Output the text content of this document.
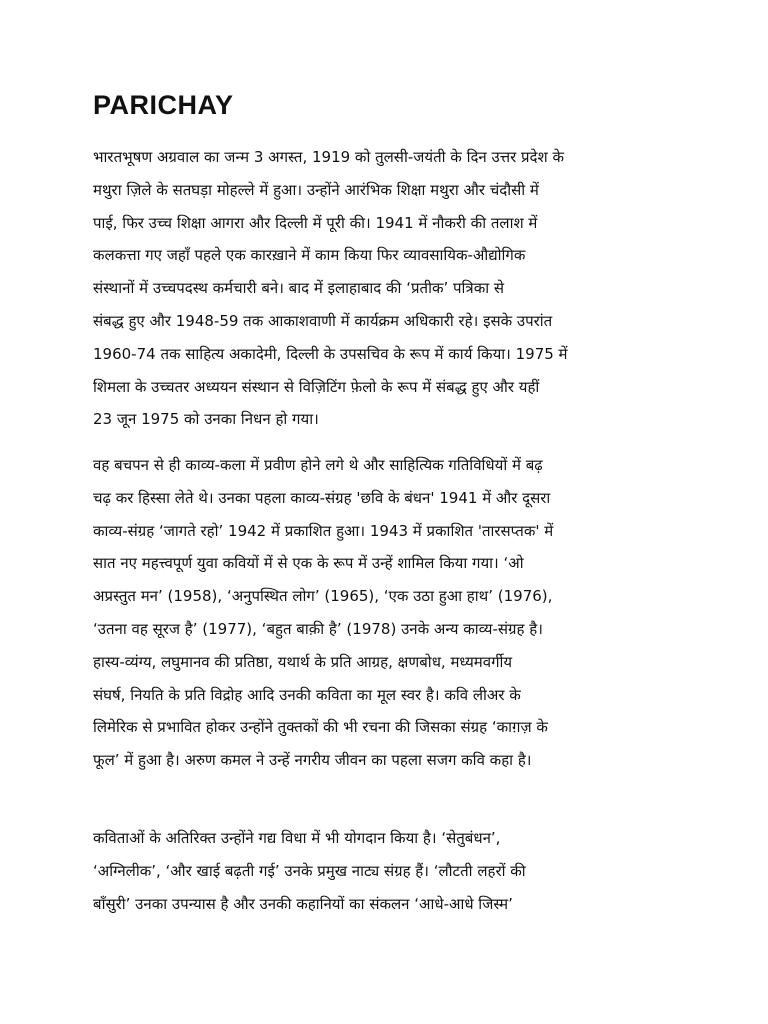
PARICHAY

भारतभूषण अग्रवाल का जन्म 3 अगस्त, 1919 को तुलसी-जयंती के दिन उत्तर प्रदेश के
मथुरा ज़िले के सतघड़ा मोहल्ले में हुआ। उन्होंने आरंभिक शिक्षा मथुरा और चंदौसी में
पाई, फिर उच्च शिक्षा आगरा और दिल्ली में पूरी की। 1941 में नौकरी की तलाश में
कलकत्ता गए जहाँ पहले एक कारख़ाने में काम किया फिर व्यावसायिक-औद्योगिक
संस्थानों में उच्चपदस्थ कर्मचारी बने। बाद में इलाहाबाद की ‘प्रतीक’ पत्रिका से
संबद्ध हुए और 1948-59 तक आकाशवाणी में कार्यक्रम अधिकारी रहे। इसके उपरांत
1960-74 तक साहित्य अकादेमी, दिल्ली के उपसचिव के रूप में कार्य किया। 1975 में
शिमला के उच्चतर अध्ययन संस्थान से विज़िटिंग फ़ेलो के रूप में संबद्ध हुए और यहीं
23 जून 1975 को उनका निधन हो गया।

वह बचपन से ही काव्य-कला में प्रवीण होने लगे थे और साहित्यिक गतिविधियों में बढ़
चढ़ कर हिस्सा लेते थे। उनका पहला काव्य-संग्रह 'छवि के बंधन' 1941 में और दूसरा
काव्य-संग्रह ‘जागते रहो’ 1942 में प्रकाशित हुआ। 1943 में प्रकाशित 'तारसप्तक' में
सात नए महत्त्वपूर्ण युवा कवियों में से एक के रूप में उन्हें शामिल किया गया। ‘ओ
अप्रस्तुत मन’ (1958), ‘अनुपस्थित लोग’ (1965), ‘एक उठा हुआ हाथ’ (1976),
‘उतना वह सूरज है’ (1977), ‘बहुत बाक़ी है’ (1978) उनके अन्य काव्य-संग्रह है।
हास्य-व्यंग्य, लघुमानव की प्रतिष्ठा, यथार्थ के प्रति आग्रह, क्षणबोध, मध्यमवर्गीय
संघर्ष, नियति के प्रति विद्रोह आदि उनकी कविता का मूल स्वर है। कवि लीअर के
लिमेरिक से प्रभावित होकर उन्होंने तुक्तकों की भी रचना की जिसका संग्रह ‘काग़ज़ के
फूल’ में हुआ है। अरुण कमल ने उन्हें नगरीय जीवन का पहला सजग कवि कहा है।

कविताओं के अतिरिक्त उन्होंने गद्य विधा में भी योगदान किया है। ‘सेतुबंधन’,
‘अग्निलीक’, ‘और खाई बढ़ती गई’ उनके प्रमुख नाट्य संग्रह हैं। ‘लौटती लहरों की
बाँसुरी’ उनका उपन्यास है और उनकी कहानियों का संकलन ‘आधे-आधे जिस्म’
